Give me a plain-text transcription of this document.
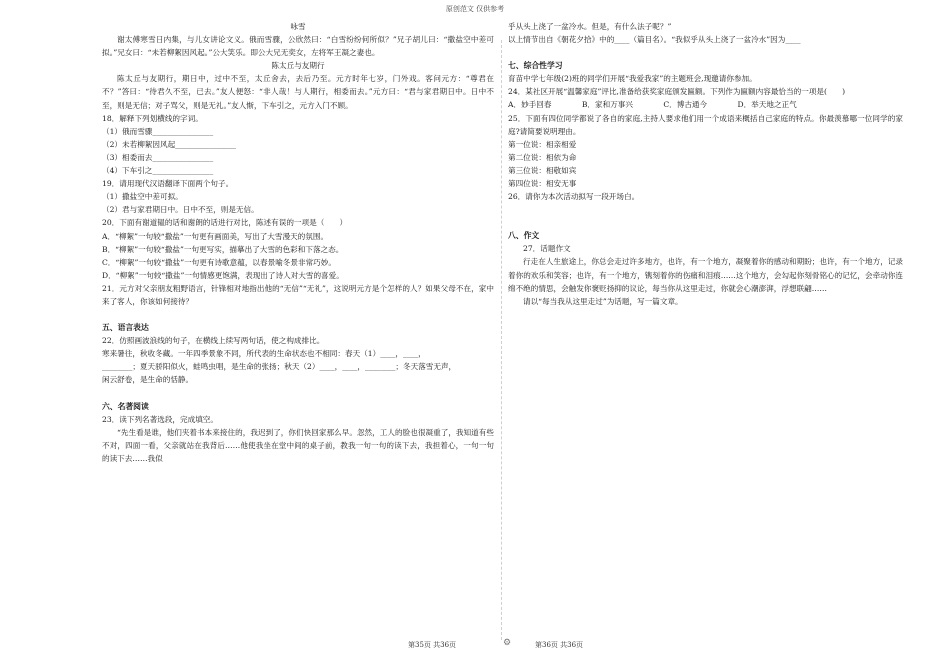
原创范文 仅供参考
咏雪
谢太傅寒雪日内集，与儿女讲论文义。俄而雪骤，公欣然曰：“白雪纷纷何所似？”兄子胡儿曰：“撒盐空中差可拟。”兄女曰：“未若柳絮因风起。”公大笑乐。即公大兄无奕女，左将军王凝之妻也。
陈太丘与友期行
陈太丘与友期行，期日中，过中不至，太丘舍去，去后乃至。元方时年七岁，门外戏。客问元方：“尊君在不？”答曰：“待君久不至，已去。”友人便怒：“非人哉！与人期行，相委而去。”元方曰：“君与家君期日中。日中不至，则是无信；对子骂父，则是无礼。”友人惭，下车引之，元方入门不顾。
18．解释下列划横线的字词。
（1）俄而雪骤________________
（2）未若柳絮因风起________________
（3）相委而去________________
（4）下车引之________________
19．请用现代汉语翻译下面两个句子。
（1）撒盐空中差可拟。
（2）君与家君期日中。日中不至，则是无信。
20．下面有谢道韫的话和谢朗的话进行对比，陈述有误的一项是（　　）
A．“柳絮”一句较“撒盐”一句更有画面美，写出了大雪漫天的氛围。
B．“柳絮”一句较“撒盐”一句更写实，描摹出了大雪的色彩和下落之态。
C．“柳絮”一句较“撒盐”一句更有诗歌意蕴，以春景喻冬景非常巧妙。
D．“柳絮”一句较“撒盐”一句情感更饱满，表现出了诗人对大雪的喜爱。
21．元方对父亲朋友粗野语言，针锋相对地指出他的“无信”“无礼”，这说明元方是个怎样的人？如果父母不在，家中来了客人，你该如何接待？
五、语言表达
22．仿照画波浪线的句子，在横线上续写两句话，使之构成排比。
寒来暑往，秋收冬藏。一年四季景象不同，所代表的生命状态也不相同：春天（1）____，____，
________；夏天骄阳似火，蛙鸣虫唱，是生命的张扬；秋天（2）____，____，________；冬天落雪无声，
闲云舒卷，是生命的恬静。
六、名著阅读
23．读下列名著选段，完成填空。
“先生看是谁，他们夹着书本来接住的，我迟到了，你们快回家那么早。忽然，工人的脸也很凝重了，我知道有些不对，四面一看，父亲就站在我背后……他使我坐在堂中间的桌子前，教我一句一句的读下去，我担着心，一句一句的读下去……我似
乎从头上浇了一盆冷水。但是，有什么法子呢？”
以上情节出自《朝花夕拾》中的____（篇目名）。“我似乎从头上浇了一盆冷水”因为____
七、综合性学习
育苗中学七年级(2)班的同学们开展“我爱我家”的主题班会,现邀请你参加。
24．某社区开展“温馨家庭”评比,准备给获奖家庭颁发匾额。下列作为匾额内容最恰当的一项是(　　)
A．妙手回春　　　　B．家和万事兴　　　　C．博古通今　　　　D．举天地之正气
25．下面有四位同学都说了各自的家庭,主持人要求他们用一个成语来概括自己家庭的特点。你最羡慕哪一位同学的家庭?请简要说明理由。
第一位说：相亲相爱
第二位说：相依为命
第三位说：相敬如宾
第四位说：相安无事
26．请你为本次活动拟写一段开场白。
八、作文
27．话题作文
行走在人生旅途上，你总会走过许多地方，也许，有一个地方，凝聚着你的感动和期盼；也许，有一个地方，记录着你的欢乐和笑容；也许，有一个地方，镌刻着你的伤痛和泪痕……这个地方，会勾起你刻骨铭心的记忆，会牵动你连绵不绝的情思，会触发你褒贬扬抑的议论，每当你从这里走过，你就会心潮澎湃，浮想联翩……
请以“每当我从这里走过”为话题，写一篇文章。
第35页 共36页	第36页 共36页
⚙
